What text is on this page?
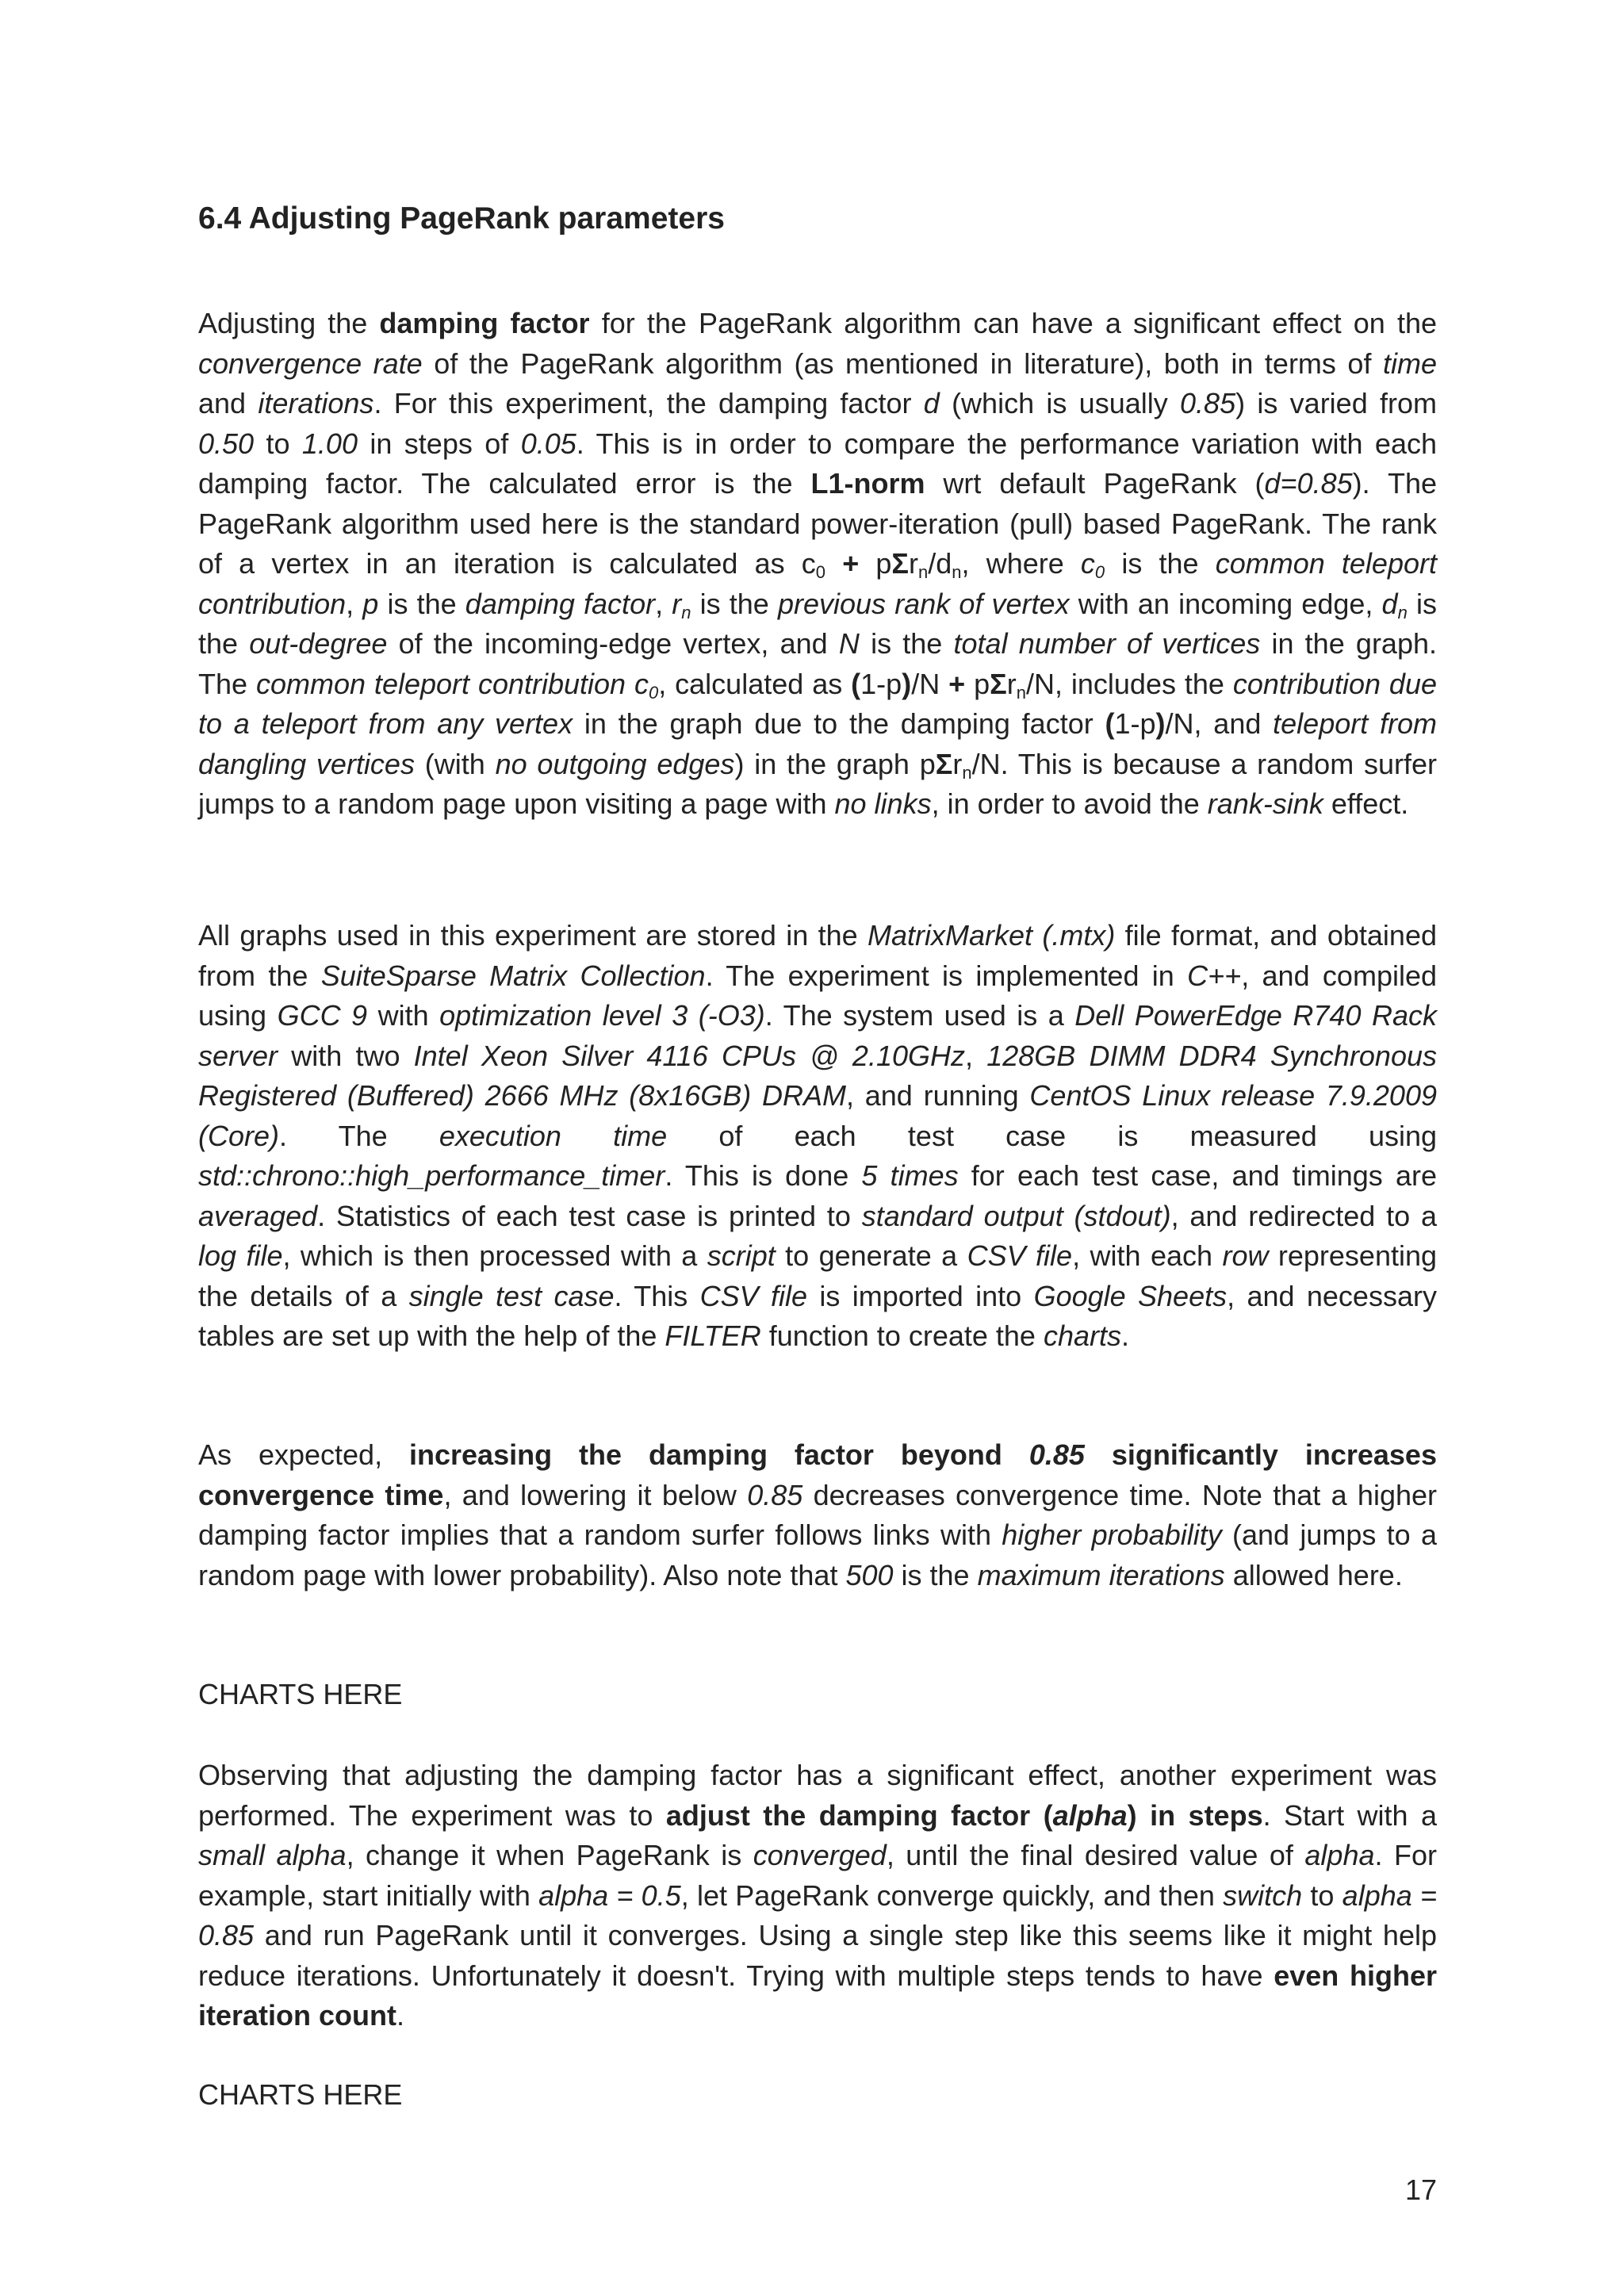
6.4 Adjusting PageRank parameters

Adjusting the damping factor for the PageRank algorithm can have a significant effect on the convergence rate of the PageRank algorithm (as mentioned in literature), both in terms of time and iterations. For this experiment, the damping factor d (which is usually 0.85) is varied from 0.50 to 1.00 in steps of 0.05. This is in order to compare the performance variation with each damping factor. The calculated error is the L1-norm wrt default PageRank (d=0.85). The PageRank algorithm used here is the standard power-iteration (pull) based PageRank. The rank of a vertex in an iteration is calculated as $c_0 + p\Sigma r_n/d_n$, where $c_0$ is the common teleport contribution, p is the damping factor, $r_n$ is the previous rank of vertex with an incoming edge, $d_n$ is the out-degree of the incoming-edge vertex, and N is the total number of vertices in the graph. The common teleport contribution $c_0$, calculated as (1-p)/N + pΣr$_n$/N, includes the contribution due to a teleport from any vertex in the graph due to the damping factor (1-p)/N, and teleport from dangling vertices (with no outgoing edges) in the graph pΣr$_n$/N. This is because a random surfer jumps to a random page upon visiting a page with no links, in order to avoid the rank-sink effect.

All graphs used in this experiment are stored in the MatrixMarket (.mtx) file format, and obtained from the SuiteSparse Matrix Collection. The experiment is implemented in C++, and compiled using GCC 9 with optimization level 3 (-O3). The system used is a Dell PowerEdge R740 Rack server with two Intel Xeon Silver 4116 CPUs @ 2.10GHz, 128GB DIMM DDR4 Synchronous Registered (Buffered) 2666 MHz (8x16GB) DRAM, and running CentOS Linux release 7.9.2009 (Core). The execution time of each test case is measured using std::chrono::high_performance_timer. This is done 5 times for each test case, and timings are averaged. Statistics of each test case is printed to standard output (stdout), and redirected to a log file, which is then processed with a script to generate a CSV file, with each row representing the details of a single test case. This CSV file is imported into Google Sheets, and necessary tables are set up with the help of the FILTER function to create the charts.

As expected, increasing the damping factor beyond 0.85 significantly increases convergence time, and lowering it below 0.85 decreases convergence time. Note that a higher damping factor implies that a random surfer follows links with higher probability (and jumps to a random page with lower probability). Also note that 500 is the maximum iterations allowed here.

CHARTS HERE

Observing that adjusting the damping factor has a significant effect, another experiment was performed. The experiment was to adjust the damping factor (alpha) in steps. Start with a small alpha, change it when PageRank is converged, until the final desired value of alpha. For example, start initially with alpha = 0.5, let PageRank converge quickly, and then switch to alpha = 0.85 and run PageRank until it converges. Using a single step like this seems like it might help reduce iterations. Unfortunately it doesn't. Trying with multiple steps tends to have even higher iteration count.

CHARTS HERE

17
